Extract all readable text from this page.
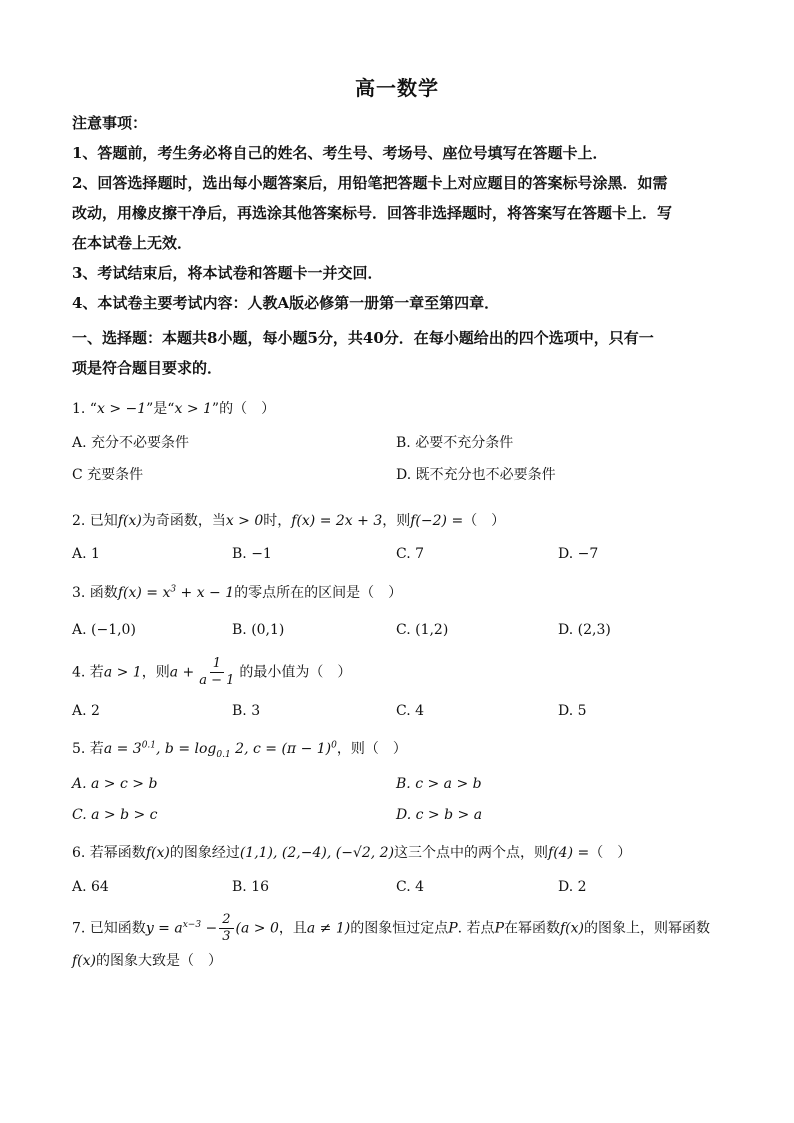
高一数学
注意事项：
1、答题前，考生务必将自己的姓名、考生号、考场号、座位号填写在答题卡上．
2、回答选择题时，选出每小题答案后，用铅笔把答题卡上对应题目的答案标号涂黑．如需
改动，用橡皮擦干净后，再选涂其他答案标号．回答非选择题时，将答案写在答题卡上．写
在本试卷上无效．
3、考试结束后，将本试卷和答题卡一并交回．
4、本试卷主要考试内容：人教A版必修第一册第一章至第四章．
一、选择题：本题共8小题，每小题5分，共40分．在每小题给出的四个选项中，只有一
项是符合题目要求的．
1. “x > −1”是“x > 1”的（　）
A. 充分不必要条件	B. 必要不充分条件
C 充要条件	D. 既不充分也不必要条件
2. 已知f(x)为奇函数，当x > 0时，f(x) = 2x + 3，则f(−2) =（　）
A. 1	B. −1	C. 7	D. −7
3. 函数$f(x) = x^3 + x - 1$的零点所在的区间是（　）
A. (−1,0)	B. (0,1)	C. (1,2)	D. (2,3)
4. 若a > 1，则$a + \frac{1}{a - 1}$ 的最小值为（　）
A. 2	B. 3	C. 4	D. 5
5. 若$a = 3^{0.1}$, $b = \log_{0.1} 2$, $c = (\pi - 1)^0$，则（　）
A. a > c > b	B. c > a > b
C. a > b > c	D. c > b > a
6. 若幂函数f(x)的图象经过(1,1), (2,−4), (−√2, 2)这三个点中的两个点，则f(4) =（　）
A. 64	B. 16	C. 4	D. 2
7. 已知函数$y = a^{x-3} - \frac{2}{3} (a > 0$，且a ≠ 1)的图象恒过定点P. 若点P在幂函数f(x)的图象上，则幂函数
f(x)的图象大致是（　）
